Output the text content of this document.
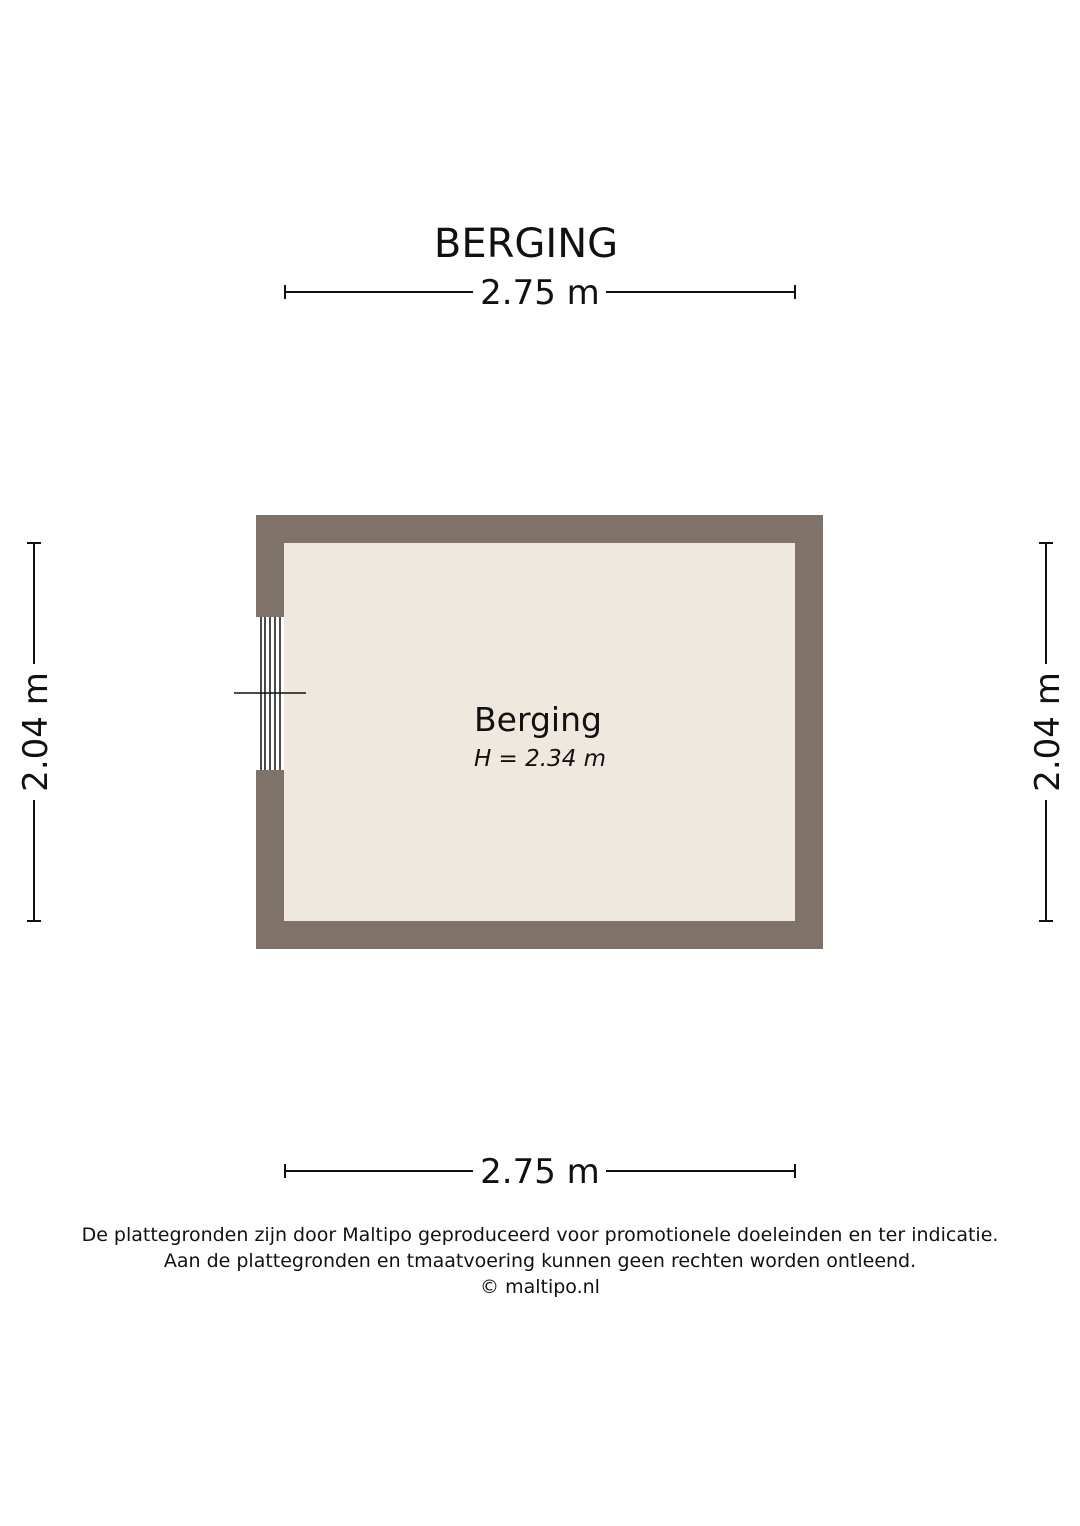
BERGING
2.75 m
Berging
H = 2.34 m
2.04 m	2.04 m
2.75 m
De plattegronden zijn door Maltipo geproduceerd voor promotionele doeleinden en ter indicatie.
Aan de plattegronden en tmaatvoering kunnen geen rechten worden ontleend.
© maltipo.nl
